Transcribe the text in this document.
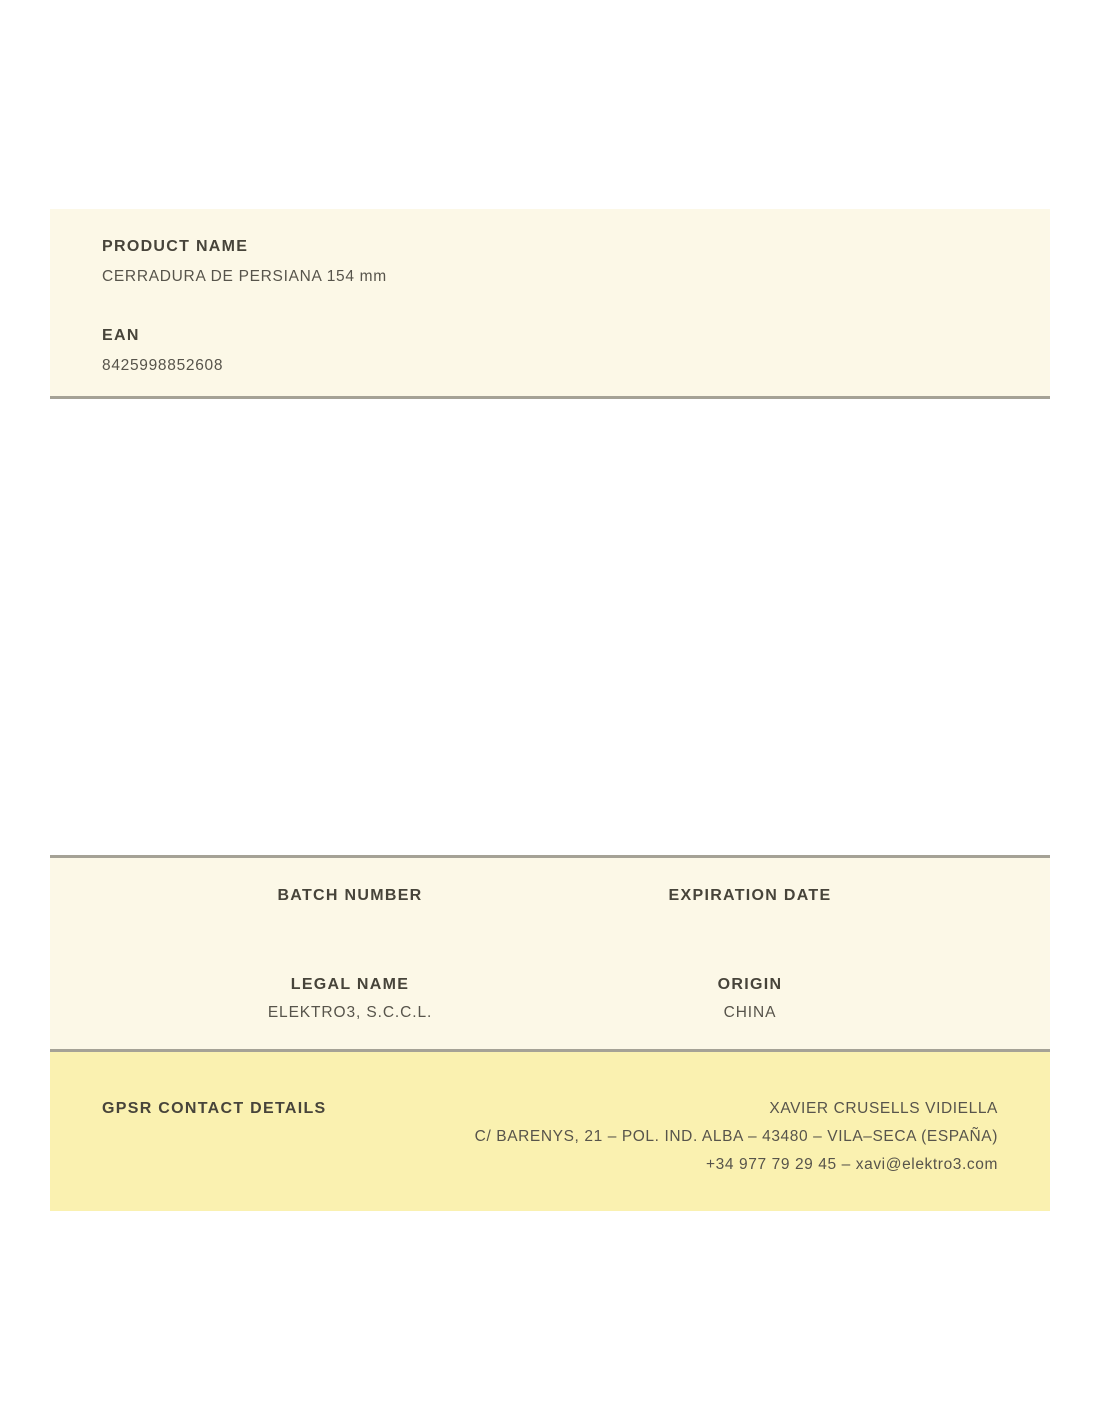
PRODUCT NAME
CERRADURA DE PERSIANA 154 mm
EAN
8425998852608
BATCH NUMBER	EXPIRATION DATE
LEGAL NAME
ELEKTRO3, S.C.C.L.
ORIGIN
CHINA
GPSR CONTACT DETAILS	XAVIER CRUSELLS VIDIELLA
C/ BARENYS, 21 – POL. IND. ALBA – 43480 – VILA–SECA (ESPAÑA)
+34 977 79 29 45 – xavi@elektro3.com
